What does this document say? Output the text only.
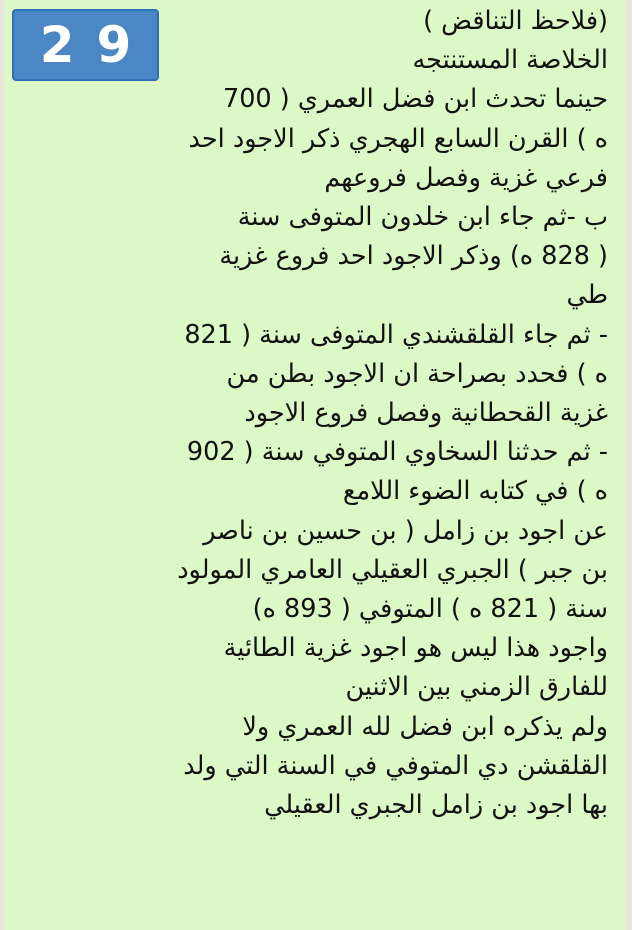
(فلاحظ التناقض )
الخلاصة المستنتجه
حينما تحدث ابن فضل العمري ( 700
ه ) القرن السابع الهجري ذكر الاجود احد
فرعي غزية وفصل فروعهم
ب -ثم جاء ابن خلدون المتوفى سنة
( 828 ه) وذكر الاجود احد فروع غزية
طي
- ثم جاء القلقشندي المتوفى سنة ( 821
ه ) فحدد بصراحة ان الاجود بطن من
غزية القحطانية وفصل فروع الاجود
- ثم حدثنا السخاوي المتوفي سنة ( 902
ه ) في كتابه الضوء اللامع
عن اجود بن زامل ( بن حسين بن ناصر
بن جبر ) الجبري العقيلي العامري المولود
سنة ( 821 ه ) المتوفي ( 893 ه)
واجود هذا ليس هو اجود غزية الطائية
للفارق الزمني بين الاثنين
ولم يذكره ابن فضل لله العمري ولا
القلقشن دي المتوفي في السنة التي ولد
بها اجود بن زامل الجبري العقيلي
2 9
